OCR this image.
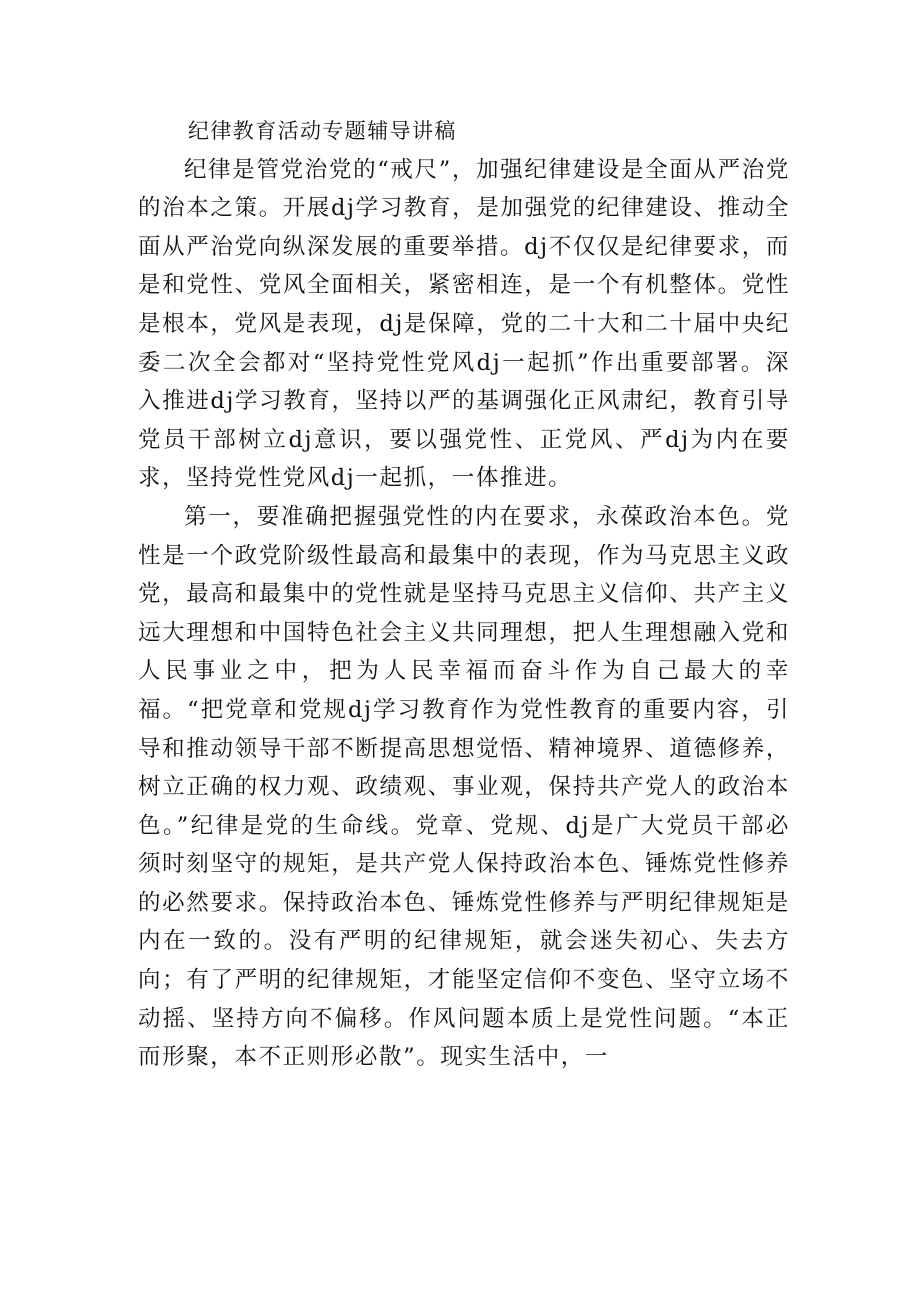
纪律教育活动专题辅导讲稿

纪律是管党治党的“戒尺”，加强纪律建设是全面从严治党的治本之策。开展dj学习教育，是加强党的纪律建设、推动全面从严治党向纵深发展的重要举措。dj不仅仅是纪律要求，而是和党性、党风全面相关，紧密相连，是一个有机整体。党性是根本，党风是表现，dj是保障，党的二十大和二十届中央纪委二次全会都对“坚持党性党风dj一起抓”作出重要部署。深入推进dj学习教育，坚持以严的基调强化正风肃纪，教育引导党员干部树立dj意识，要以强党性、正党风、严dj为内在要求，坚持党性党风dj一起抓，一体推进。

第一，要准确把握强党性的内在要求，永葆政治本色。党性是一个政党阶级性最高和最集中的表现，作为马克思主义政党，最高和最集中的党性就是坚持马克思主义信仰、共产主义远大理想和中国特色社会主义共同理想，把人生理想融入党和人民事业之中，把为人民幸福而奋斗作为自己最大的幸福。“把党章和党规dj学习教育作为党性教育的重要内容，引导和推动领导干部不断提高思想觉悟、精神境界、道德修养，树立正确的权力观、政绩观、事业观，保持共产党人的政治本色。”纪律是党的生命线。党章、党规、dj是广大党员干部必须时刻坚守的规矩，是共产党人保持政治本色、锤炼党性修养的必然要求。保持政治本色、锤炼党性修养与严明纪律规矩是内在一致的。没有严明的纪律规矩，就会迷失初心、失去方向；有了严明的纪律规矩，才能坚定信仰不变色、坚守立场不动摇、坚持方向不偏移。作风问题本质上是党性问题。“本正而形聚，本不正则形必散”。现实生活中，一
